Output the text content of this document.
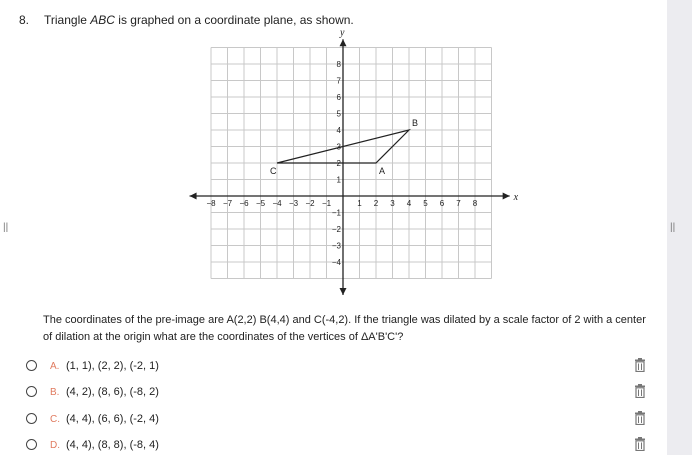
||	||
8. Triangle ABC is graphed on a coordinate plane, as shown.
x
y
−8 −7 −6 −5 −4 −3 −2 −1	1 2 3 4 5 6 7 8
8
7
6
5
4
3
2
1
−1
−2
−3
−4
A
B
C
The coordinates of the pre-image are A(2,2) B(4,4) and C(-4,2). If the triangle was dilated by a scale factor of 2 with a center of dilation at the origin what are the coordinates of the vertices of ΔA'B'C'?
A. (1, 1), (2, 2), (-2, 1)
B. (4, 2), (8, 6), (-8, 2)
C. (4, 4), (6, 6), (-2, 4)
D. (4, 4), (8, 8), (-8, 4)
